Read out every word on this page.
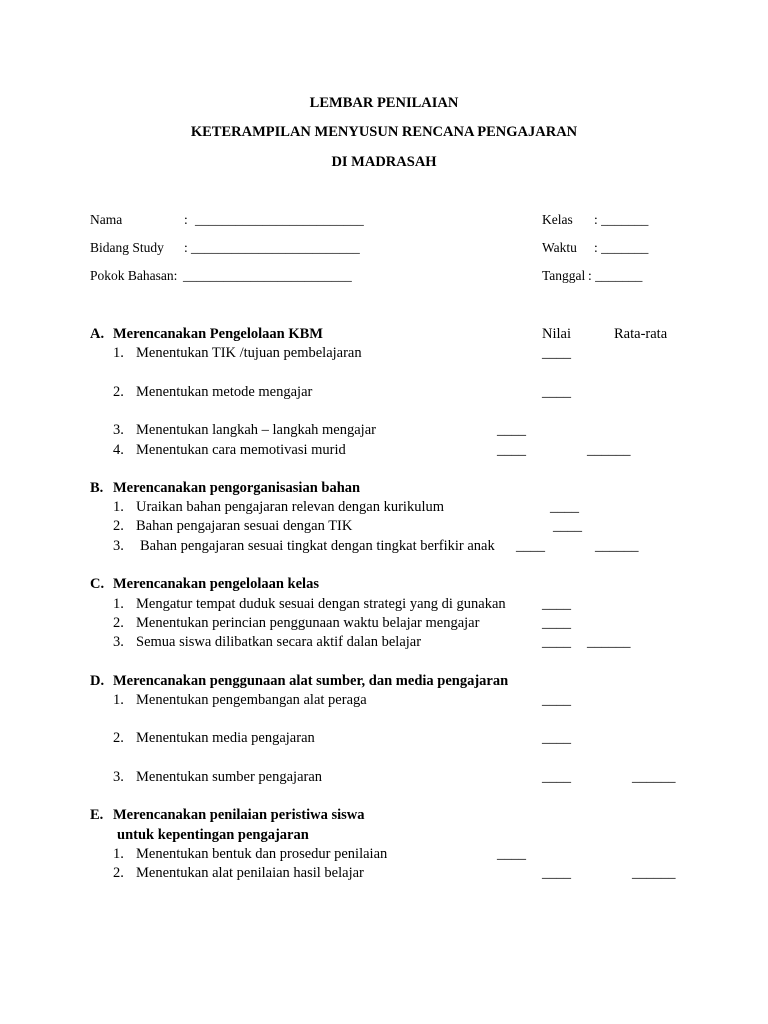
LEMBAR PENILAIAN
KETERAMPILAN MENYUSUN RENCANA PENGAJARAN
DI MADRASAH
Nama	: _________________________
Bidang Study : _________________________
Pokok Bahasan: _________________________
Kelas : _______
Waktu : _______
Tanggal : _______
A. Merencanakan Pengelolaan KBM	Nilai	Rata-rata
1. Menentukan TIK /tujuan pembelajaran	____
2. Menentukan metode mengajar	____
3. Menentukan langkah – langkah mengajar	____
4. Menentukan cara memotivasi murid	____	______
B. Merencanakan pengorganisasian bahan
1. Uraikan bahan pengajaran relevan dengan kurikulum	____
2. Bahan pengajaran sesuai dengan TIK	____
3. Bahan pengajaran sesuai tingkat dengan tingkat berfikir anak ____	______
C. Merencanakan pengelolaan kelas
1. Mengatur tempat duduk sesuai dengan strategi yang di gunakan	____
2. Menentukan perincian penggunaan waktu belajar mengajar	____
3. Semua siswa dilibatkan secara aktif dalan belajar	____ ______
D. Merencanakan penggunaan alat sumber, dan media pengajaran
1. Menentukan pengembangan alat peraga	____
2. Menentukan media pengajaran	____
3. Menentukan sumber pengajaran	____	______
E. Merencanakan penilaian peristiwa siswa
untuk kepentingan pengajaran
1. Menentukan bentuk dan prosedur penilaian	____
2. Menentukan alat penilaian hasil belajar	____	______
